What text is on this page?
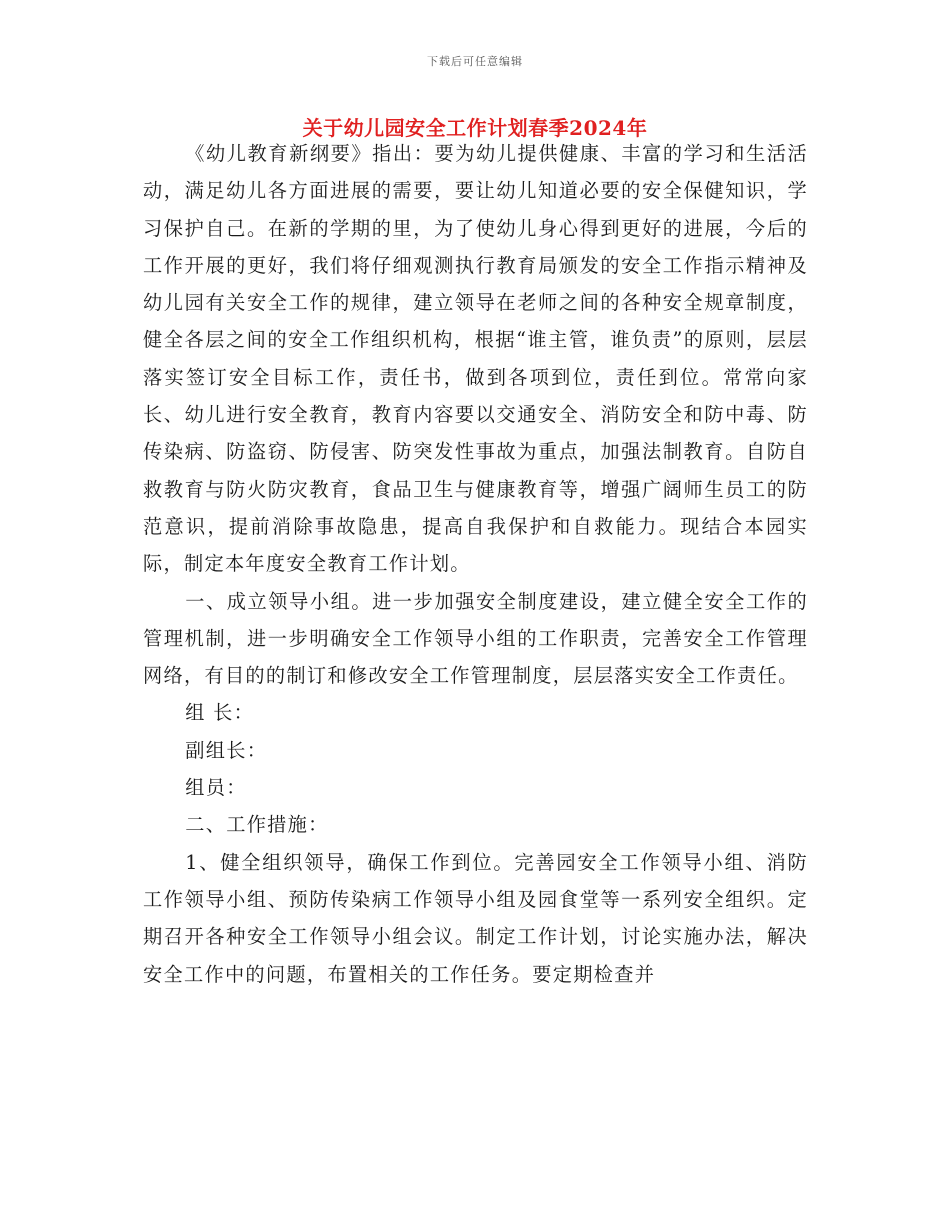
下载后可任意编辑
关于幼儿园安全工作计划春季2024年

《幼儿教育新纲要》指出：要为幼儿提供健康、丰富的学习和生活活动，满足幼儿各方面进展的需要，要让幼儿知道必要的安全保健知识，学习保护自己。在新的学期的里，为了使幼儿身心得到更好的进展，今后的工作开展的更好，我们将仔细观测执行教育局颁发的安全工作指示精神及幼儿园有关安全工作的规律，建立领导在老师之间的各种安全规章制度，健全各层之间的安全工作组织机构，根据“谁主管，谁负责”的原则，层层落实签订安全目标工作，责任书，做到各项到位，责任到位。常常向家长、幼儿进行安全教育，教育内容要以交通安全、消防安全和防中毒、防传染病、防盗窃、防侵害、防突发性事故为重点，加强法制教育。自防自救教育与防火防灾教育，食品卫生与健康教育等，增强广阔师生员工的防范意识，提前消除事故隐患，提高自我保护和自救能力。现结合本园实际，制定本年度安全教育工作计划。

一、成立领导小组。进一步加强安全制度建设，建立健全安全工作的管理机制，进一步明确安全工作领导小组的工作职责，完善安全工作管理网络，有目的的制订和修改安全工作管理制度，层层落实安全工作责任。

组 长：

副组长：

组员：

二、工作措施：

1、健全组织领导，确保工作到位。完善园安全工作领导小组、消防工作领导小组、预防传染病工作领导小组及园食堂等一系列安全组织。定期召开各种安全工作领导小组会议。制定工作计划，讨论实施办法，解决安全工作中的问题，布置相关的工作任务。要定期检查并
